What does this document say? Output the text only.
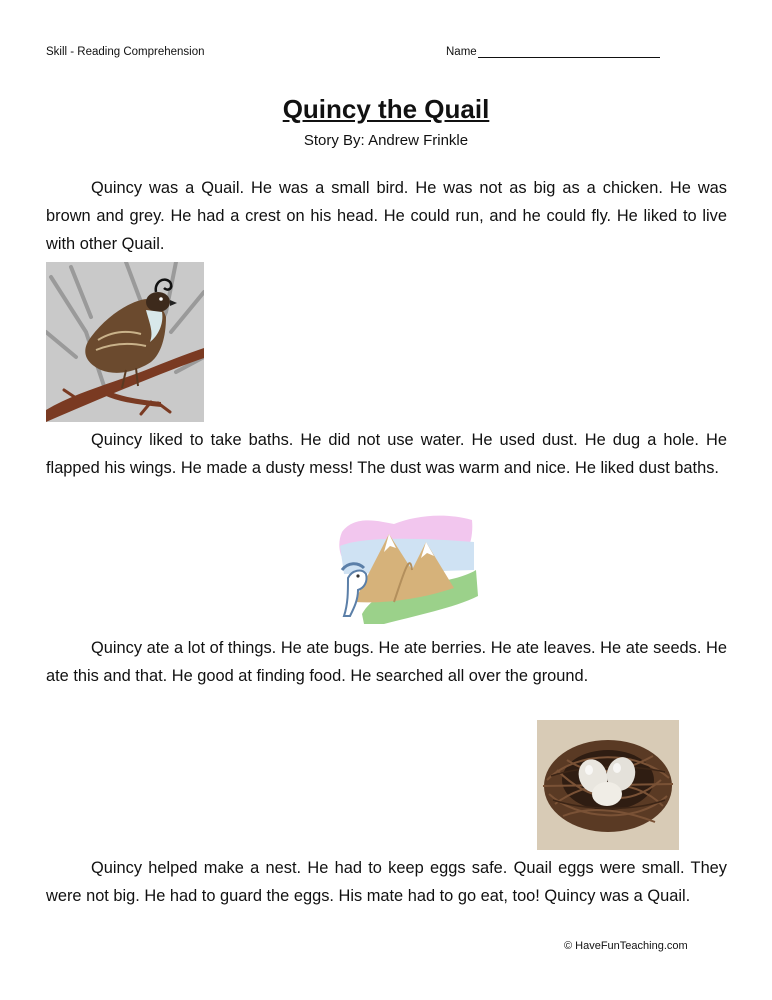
Skill - Reading Comprehension	Name
Quincy the Quail
Story By: Andrew Frinkle

Quincy was a Quail. He was a small bird. He was not as big as a chicken. He was brown and grey. He had a crest on his head. He could run, and he could fly. He liked to live with other Quail.

Quincy liked to take baths. He did not use water. He used dust. He dug a hole. He flapped his wings. He made a dusty mess! The dust was warm and nice. He liked dust baths.

Quincy ate a lot of things. He ate bugs. He ate berries. He ate leaves. He ate seeds. He ate this and that. He good at finding food. He searched all over the ground.

Quincy helped make a nest. He had to keep eggs safe. Quail eggs were small. They were not big. He had to guard the eggs. His mate had to go eat, too! Quincy was a Quail.

© HaveFunTeaching.com
